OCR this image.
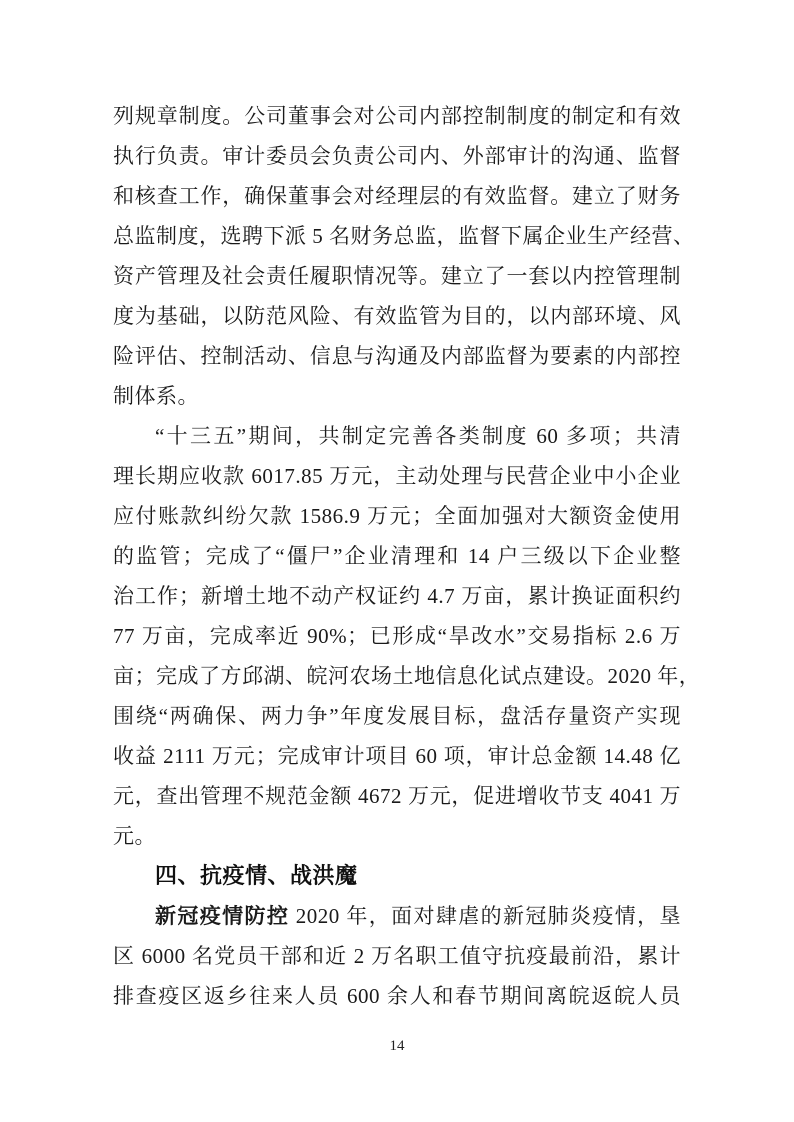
列规章制度。公司董事会对公司内部控制制度的制定和有效
执行负责。审计委员会负责公司内、外部审计的沟通、监督
和核查工作，确保董事会对经理层的有效监督。建立了财务
总监制度，选聘下派 5 名财务总监，监督下属企业生产经营、
资产管理及社会责任履职情况等。建立了一套以内控管理制
度为基础，以防范风险、有效监管为目的，以内部环境、风
险评估、控制活动、信息与沟通及内部监督为要素的内部控
制体系。
“十三五”期间，共制定完善各类制度 60 多项；共清
理长期应收款 6017.85 万元，主动处理与民营企业中小企业
应付账款纠纷欠款 1586.9 万元；全面加强对大额资金使用
的监管；完成了“僵尸”企业清理和 14 户三级以下企业整
治工作；新增土地不动产权证约 4.7 万亩，累计换证面积约
77 万亩，完成率近 90%；已形成“旱改水”交易指标 2.6 万
亩；完成了方邱湖、皖河农场土地信息化试点建设。2020 年，
围绕“两确保、两力争”年度发展目标，盘活存量资产实现
收益 2111 万元；完成审计项目 60 项，审计总金额 14.48 亿
元，查出管理不规范金额 4672 万元，促进增收节支 4041 万
元。
四、抗疫情、战洪魔
新冠疫情防控 2020 年，面对肆虐的新冠肺炎疫情，垦
区 6000 名党员干部和近 2 万名职工值守抗疫最前沿，累计
排查疫区返乡往来人员 600 余人和春节期间离皖返皖人员
14
